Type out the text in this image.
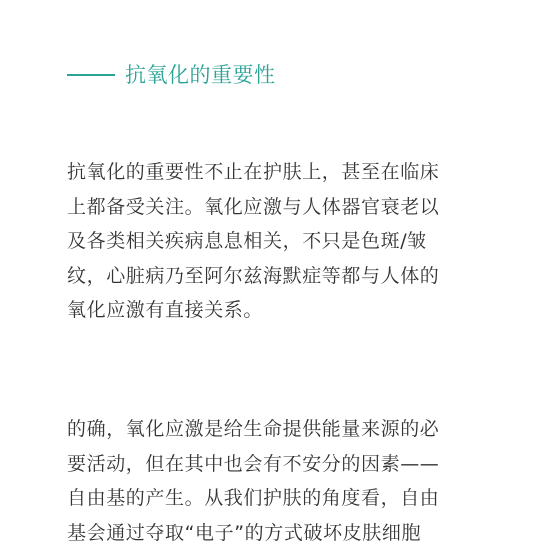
抗氧化的重要性
抗氧化的重要性不止在护肤上，甚至在临床
上都备受关注。氧化应激与人体器官衰老以
及各类相关疾病息息相关，不只是色斑/皱
纹，心脏病乃至阿尔兹海默症等都与人体的
氧化应激有直接关系。
的确，氧化应激是给生命提供能量来源的必
要活动，但在其中也会有不安分的因素——
自由基的产生。从我们护肤的角度看，自由
基会通过夺取“电子”的方式破坏皮肤细胞
